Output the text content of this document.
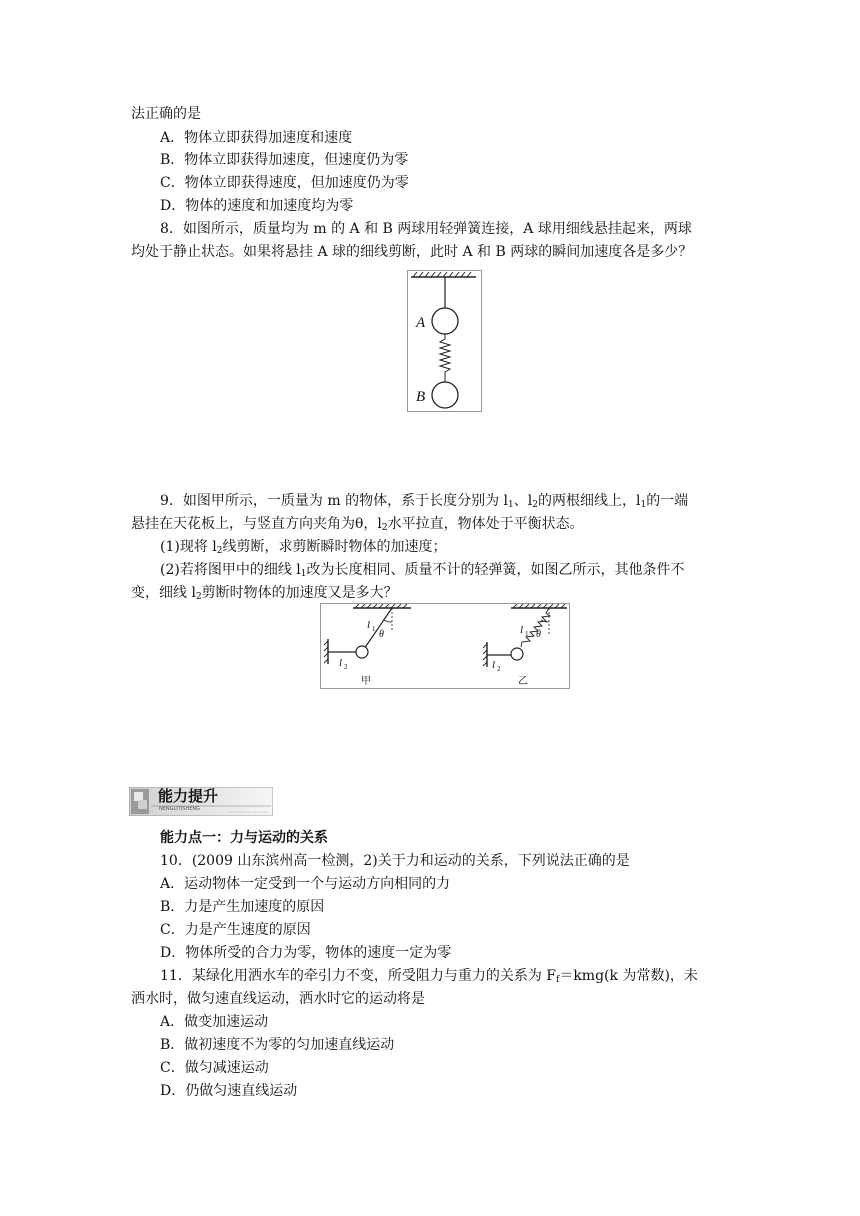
法正确的是
A．物体立即获得加速度和速度
B．物体立即获得加速度，但速度仍为零
C．物体立即获得速度，但加速度仍为零
D．物体的速度和加速度均为零
8．如图所示，质量均为 m 的 A 和 B 两球用轻弹簧连接，A 球用细线悬挂起来，两球
均处于静止状态。如果将悬挂 A 球的细线剪断，此时 A 和 B 两球的瞬间加速度各是多少？
A
B
9．如图甲所示，一质量为 m 的物体，系于长度分别为 $l_1$、$l_2$的两根细线上，$l_1$的一端
悬挂在天花板上，与竖直方向夹角为θ，$l_2$水平拉直，物体处于平衡状态。
(1)现将 $l_2$线剪断，求剪断瞬时物体的加速度；
(2)若将图甲中的细线 $l_1$改为长度相同、质量不计的轻弹簧，如图乙所示，其他条件不
变，细线 $l_2$剪断时物体的加速度又是多大？
l 1 θ
l 2
甲
l 1 θ
l 2
乙
NENGLITISHENG
能力提升
能力点一：力与运动的关系
10．(2009 山东滨州高一检测，2)关于力和运动的关系，下列说法正确的是
A．运动物体一定受到一个与运动方向相同的力
B．力是产生加速度的原因
C．力是产生速度的原因
D．物体所受的合力为零，物体的速度一定为零
11．某绿化用洒水车的牵引力不变，所受阻力与重力的关系为 $F_f=kmg(k$ 为常数)，未
洒水时，做匀速直线运动，洒水时它的运动将是
A．做变加速运动
B．做初速度不为零的匀加速直线运动
C．做匀减速运动
D．仍做匀速直线运动
